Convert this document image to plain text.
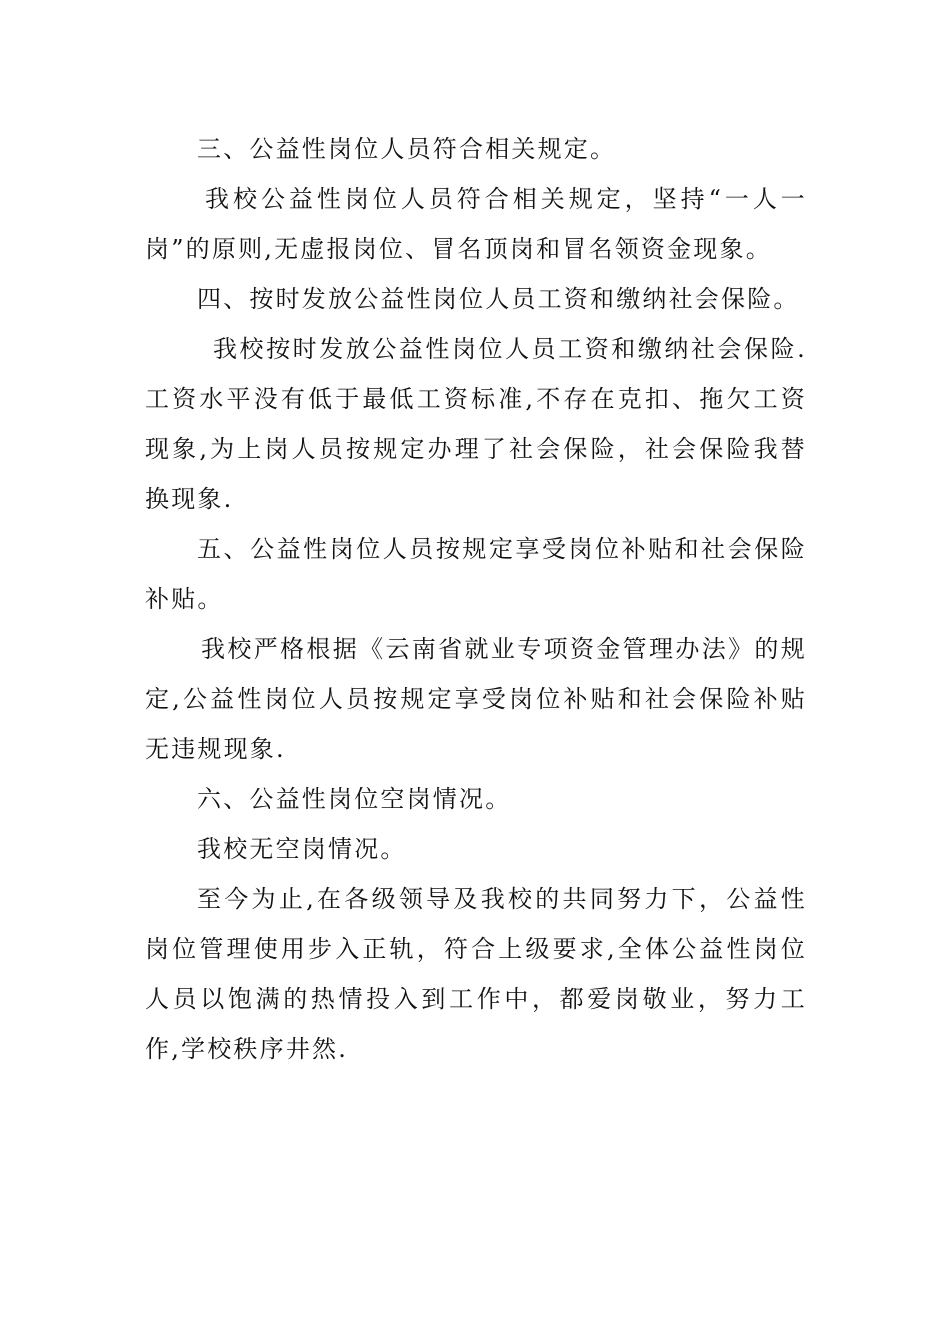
三、公益性岗位人员符合相关规定。

我校公益性岗位人员符合相关规定，坚持“一人一岗”的原则,无虚报岗位、冒名顶岗和冒名领资金现象。

四、按时发放公益性岗位人员工资和缴纳社会保险。

我校按时发放公益性岗位人员工资和缴纳社会保险.工资水平没有低于最低工资标准,不存在克扣、拖欠工资现象,为上岗人员按规定办理了社会保险，社会保险我替换现象.

五、公益性岗位人员按规定享受岗位补贴和社会保险补贴。

我校严格根据《云南省就业专项资金管理办法》的规定,公益性岗位人员按规定享受岗位补贴和社会保险补贴无违规现象.

六、公益性岗位空岗情况。

我校无空岗情况。

至今为止,在各级领导及我校的共同努力下，公益性岗位管理使用步入正轨，符合上级要求,全体公益性岗位人员以饱满的热情投入到工作中，都爱岗敬业，努力工作,学校秩序井然.
